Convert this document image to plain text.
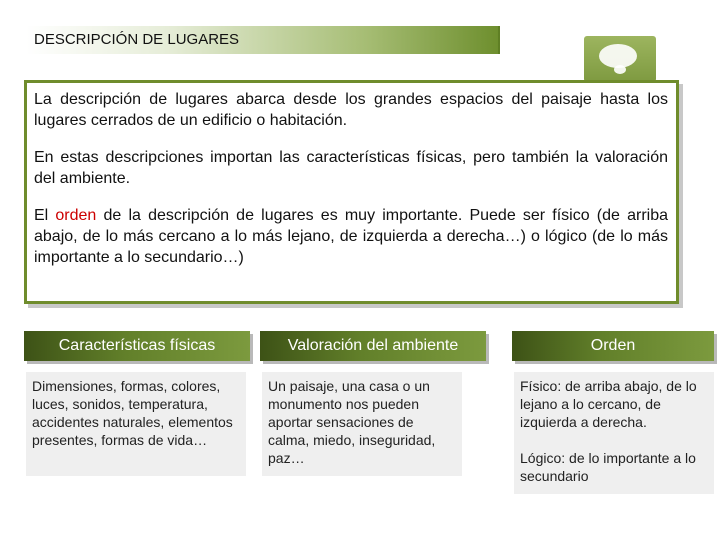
DESCRIPCIÓN DE LUGARES

La descripción de lugares abarca desde los grandes espacios del paisaje hasta los lugares cerrados de un edificio o habitación.

En estas descripciones importan las características físicas, pero también la valoración del ambiente.

El orden de la descripción de lugares es muy importante. Puede ser físico (de arriba abajo, de lo más cercano a lo más lejano, de izquierda a derecha…) o lógico (de lo más importante a lo secundario…)

Características físicas	Valoración del ambiente	Orden
Dimensiones, formas, colores, luces, sonidos, temperatura, accidentes naturales, elementos presentes, formas de vida…
Un paisaje, una casa o un monumento nos pueden aportar sensaciones de calma, miedo, inseguridad, paz…
Físico: de arriba abajo, de lo lejano a lo cercano, de izquierda a derecha.
Lógico: de lo importante a lo secundario
